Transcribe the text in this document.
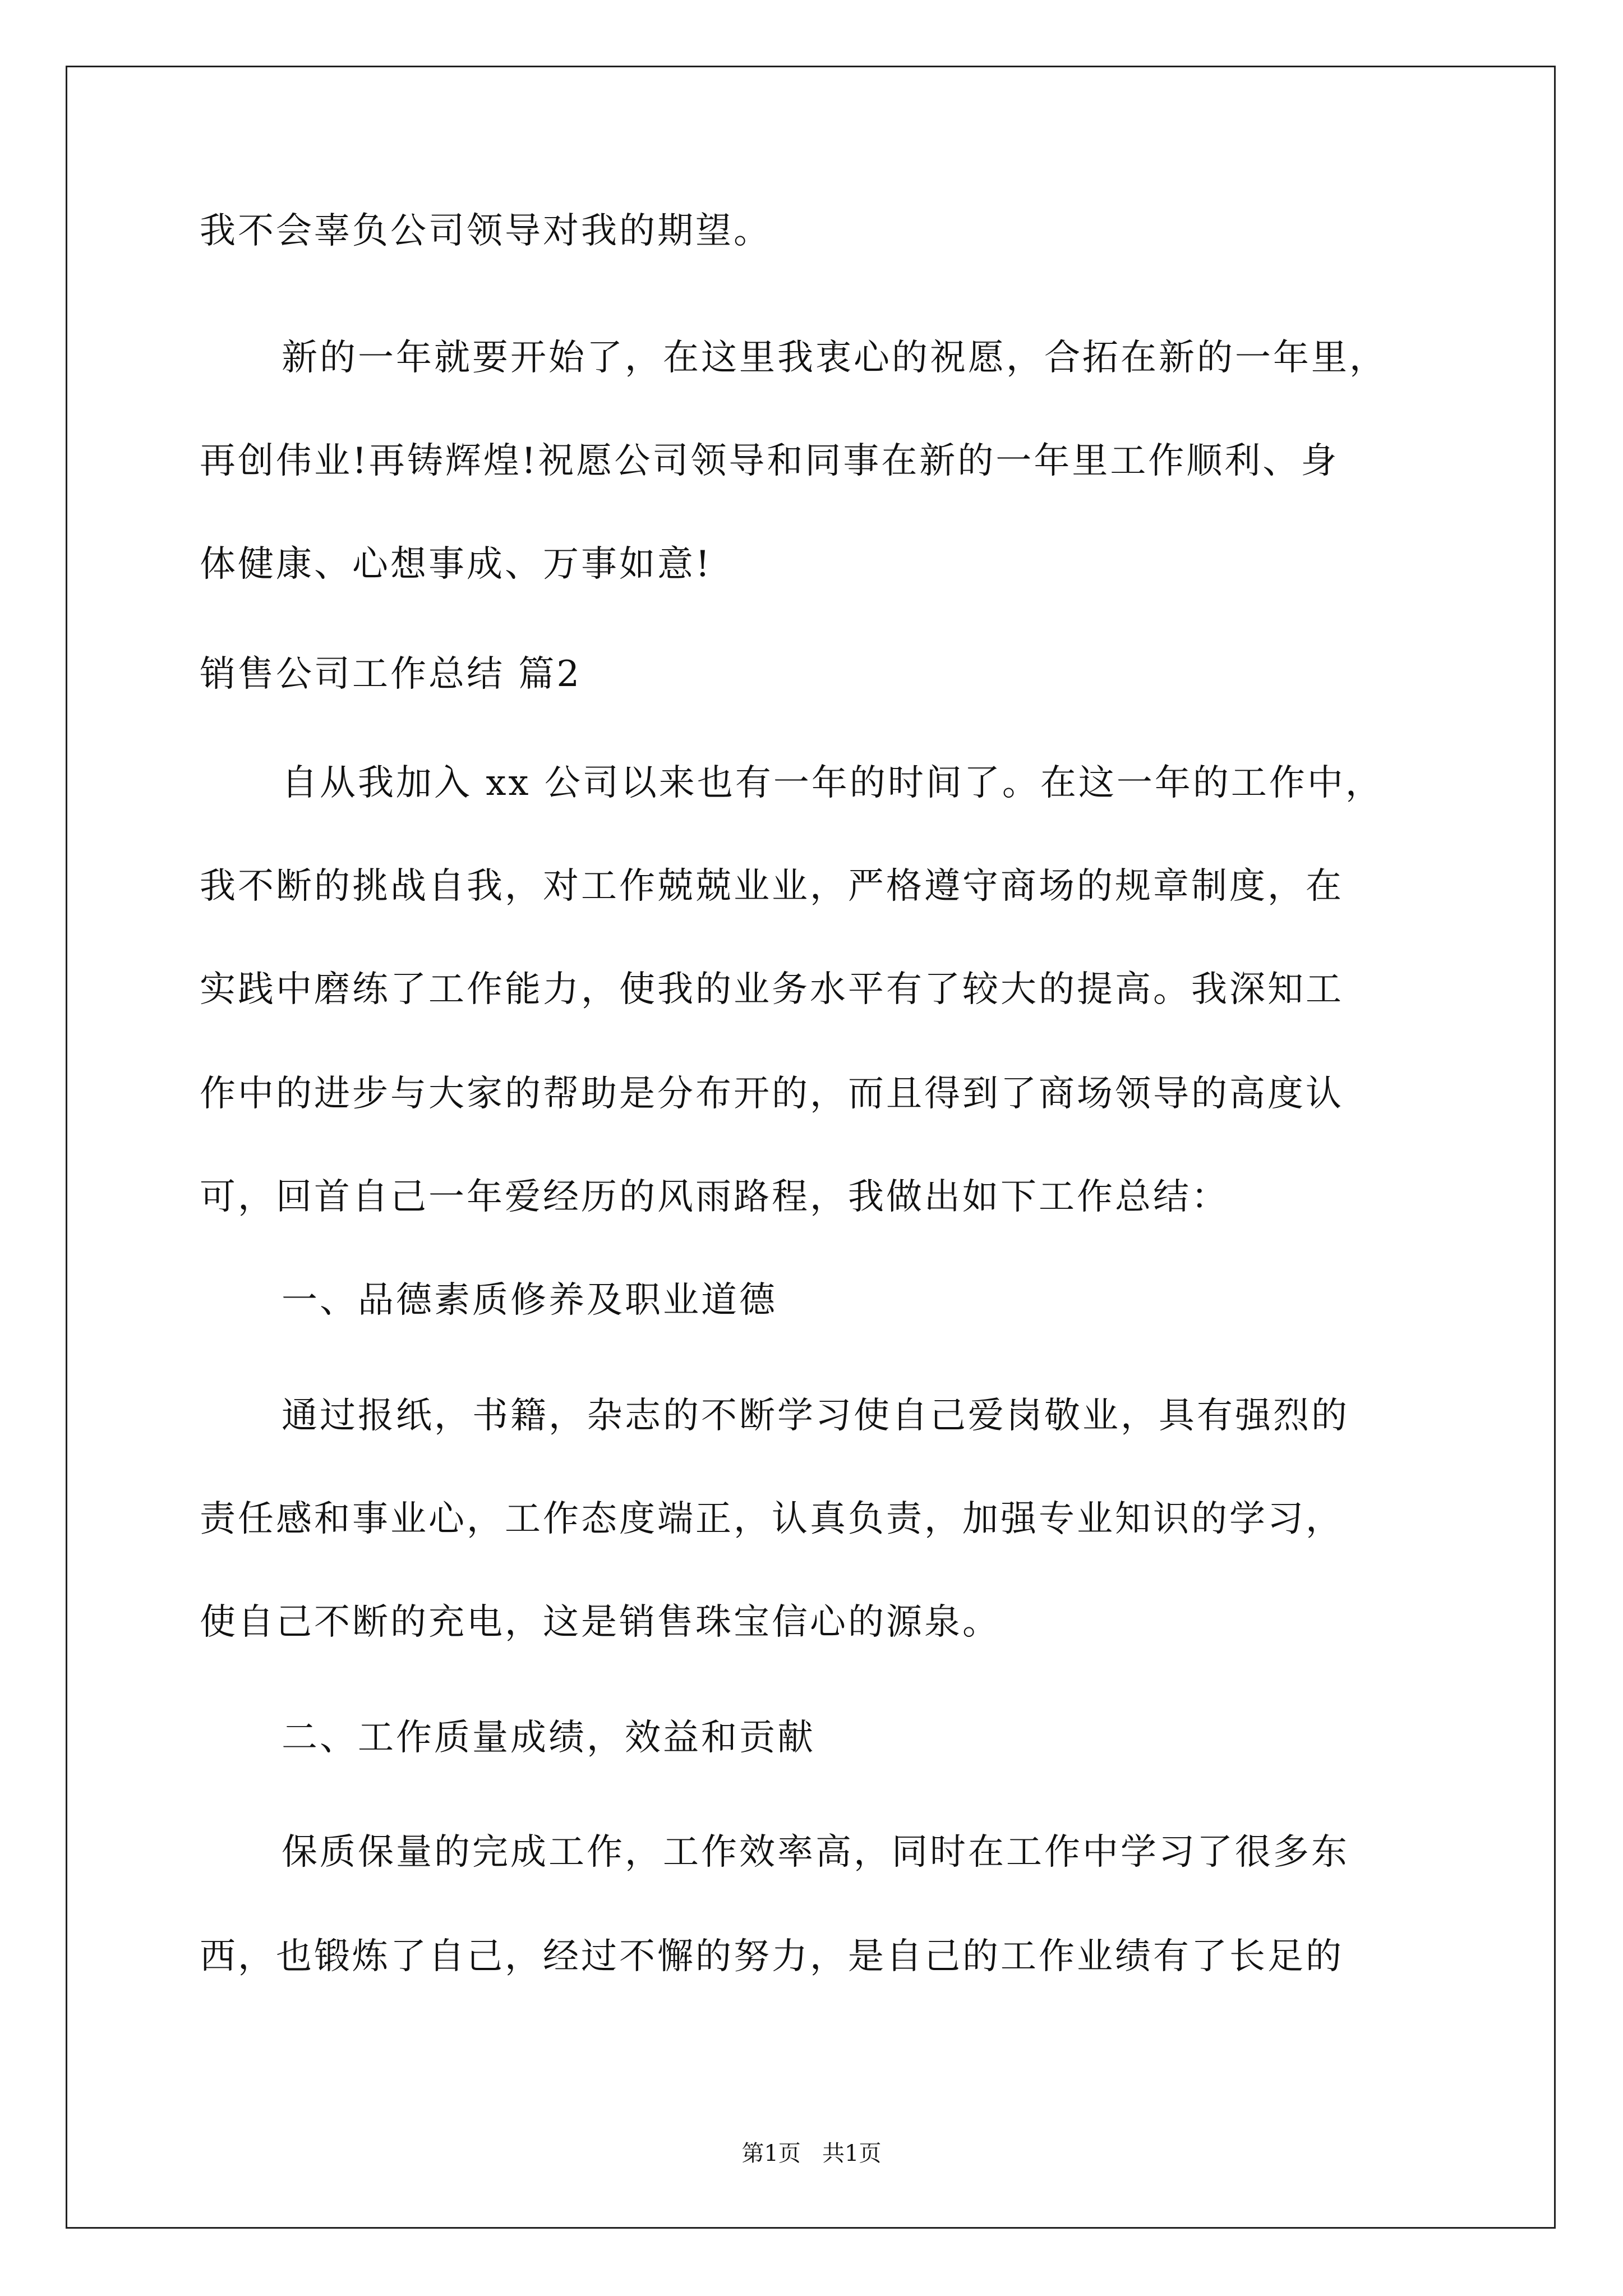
我不会辜负公司领导对我的期望。
新的一年就要开始了，在这里我衷心的祝愿，合拓在新的一年里，
再创伟业!再铸辉煌!祝愿公司领导和同事在新的一年里工作顺利、身
体健康、心想事成、万事如意!
销售公司工作总结 篇2
自从我加入 xx 公司以来也有一年的时间了。在这一年的工作中，
我不断的挑战自我，对工作兢兢业业，严格遵守商场的规章制度，在
实践中磨练了工作能力，使我的业务水平有了较大的提高。我深知工
作中的进步与大家的帮助是分布开的，而且得到了商场领导的高度认
可，回首自己一年爱经历的风雨路程，我做出如下工作总结：
一、品德素质修养及职业道德
通过报纸，书籍，杂志的不断学习使自己爱岗敬业，具有强烈的
责任感和事业心，工作态度端正，认真负责，加强专业知识的学习，
使自己不断的充电，这是销售珠宝信心的源泉。
二、工作质量成绩，效益和贡献
保质保量的完成工作，工作效率高，同时在工作中学习了很多东
西，也锻炼了自己，经过不懈的努力，是自己的工作业绩有了长足的
第1页   共1页
